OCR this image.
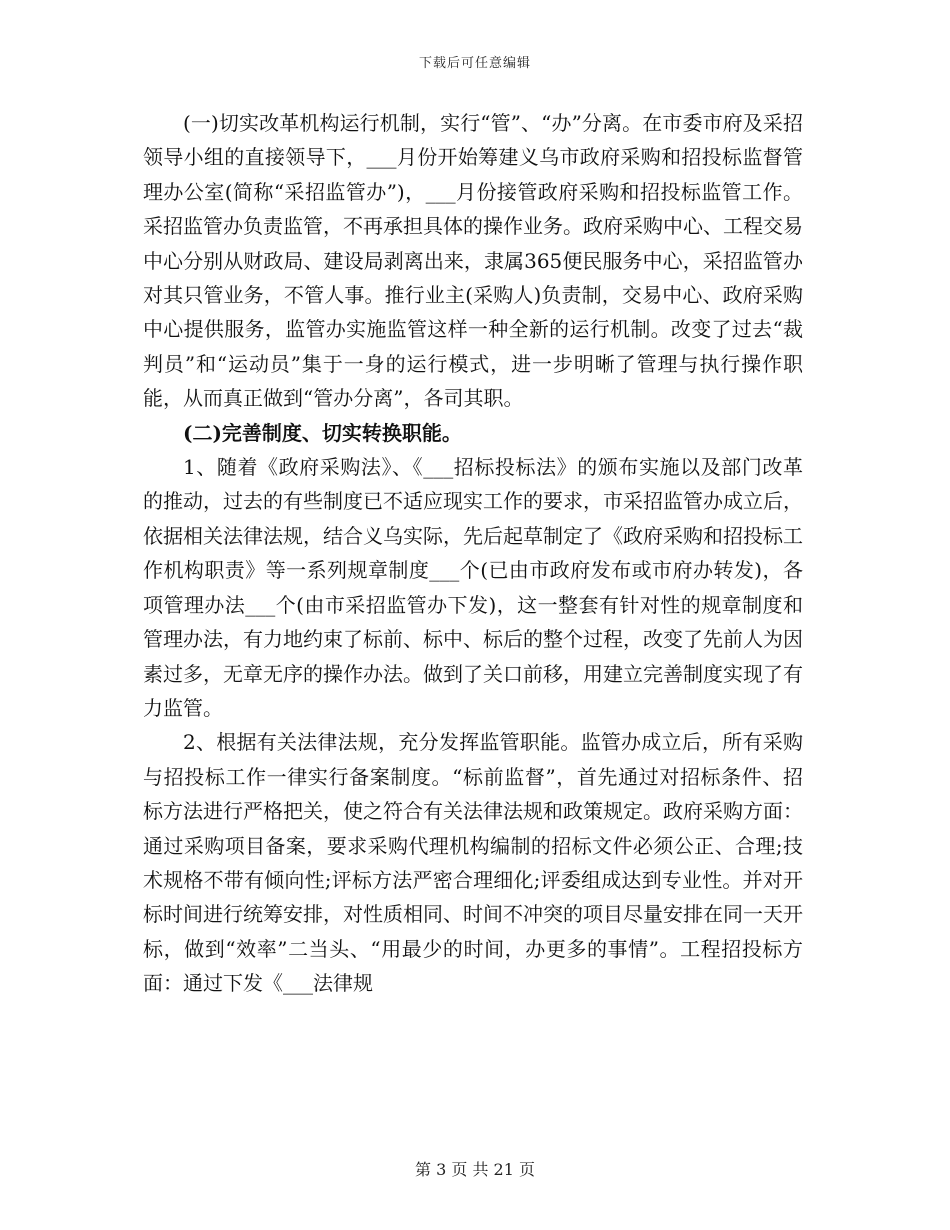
下载后可任意编辑

(一)切实改革机构运行机制，实行“管”、“办”分离。在市委市府及采招领导小组的直接领导下，___月份开始筹建义乌市政府采购和招投标监督管理办公室(简称“采招监管办”)，___月份接管政府采购和招投标监管工作。采招监管办负责监管，不再承担具体的操作业务。政府采购中心、工程交易中心分别从财政局、建设局剥离出来，隶属365便民服务中心，采招监管办对其只管业务，不管人事。推行业主(采购人)负责制，交易中心、政府采购中心提供服务，监管办实施监管这样一种全新的运行机制。改变了过去“裁判员”和“运动员”集于一身的运行模式，进一步明晰了管理与执行操作职能，从而真正做到“管办分离”，各司其职。

(二)完善制度、切实转换职能。

1、随着《政府采购法》、《___招标投标法》的颁布实施以及部门改革的推动，过去的有些制度已不适应现实工作的要求，市采招监管办成立后，依据相关法律法规，结合义乌实际，先后起草制定了《政府采购和招投标工作机构职责》等一系列规章制度___个(已由市政府发布或市府办转发)，各项管理办法___个(由市采招监管办下发)，这一整套有针对性的规章制度和管理办法，有力地约束了标前、标中、标后的整个过程，改变了先前人为因素过多，无章无序的操作办法。做到了关口前移，用建立完善制度实现了有力监管。

2、根据有关法律法规，充分发挥监管职能。监管办成立后，所有采购与招投标工作一律实行备案制度。“标前监督”，首先通过对招标条件、招标方法进行严格把关，使之符合有关法律法规和政策规定。政府采购方面：通过采购项目备案，要求采购代理机构编制的招标文件必须公正、合理;技术规格不带有倾向性;评标方法严密合理细化;评委组成达到专业性。并对开标时间进行统筹安排，对性质相同、时间不冲突的项目尽量安排在同一天开标，做到“效率”二当头、“用最少的时间，办更多的事情”。工程招投标方面：通过下发《___法律规

第 3 页 共 21 页
